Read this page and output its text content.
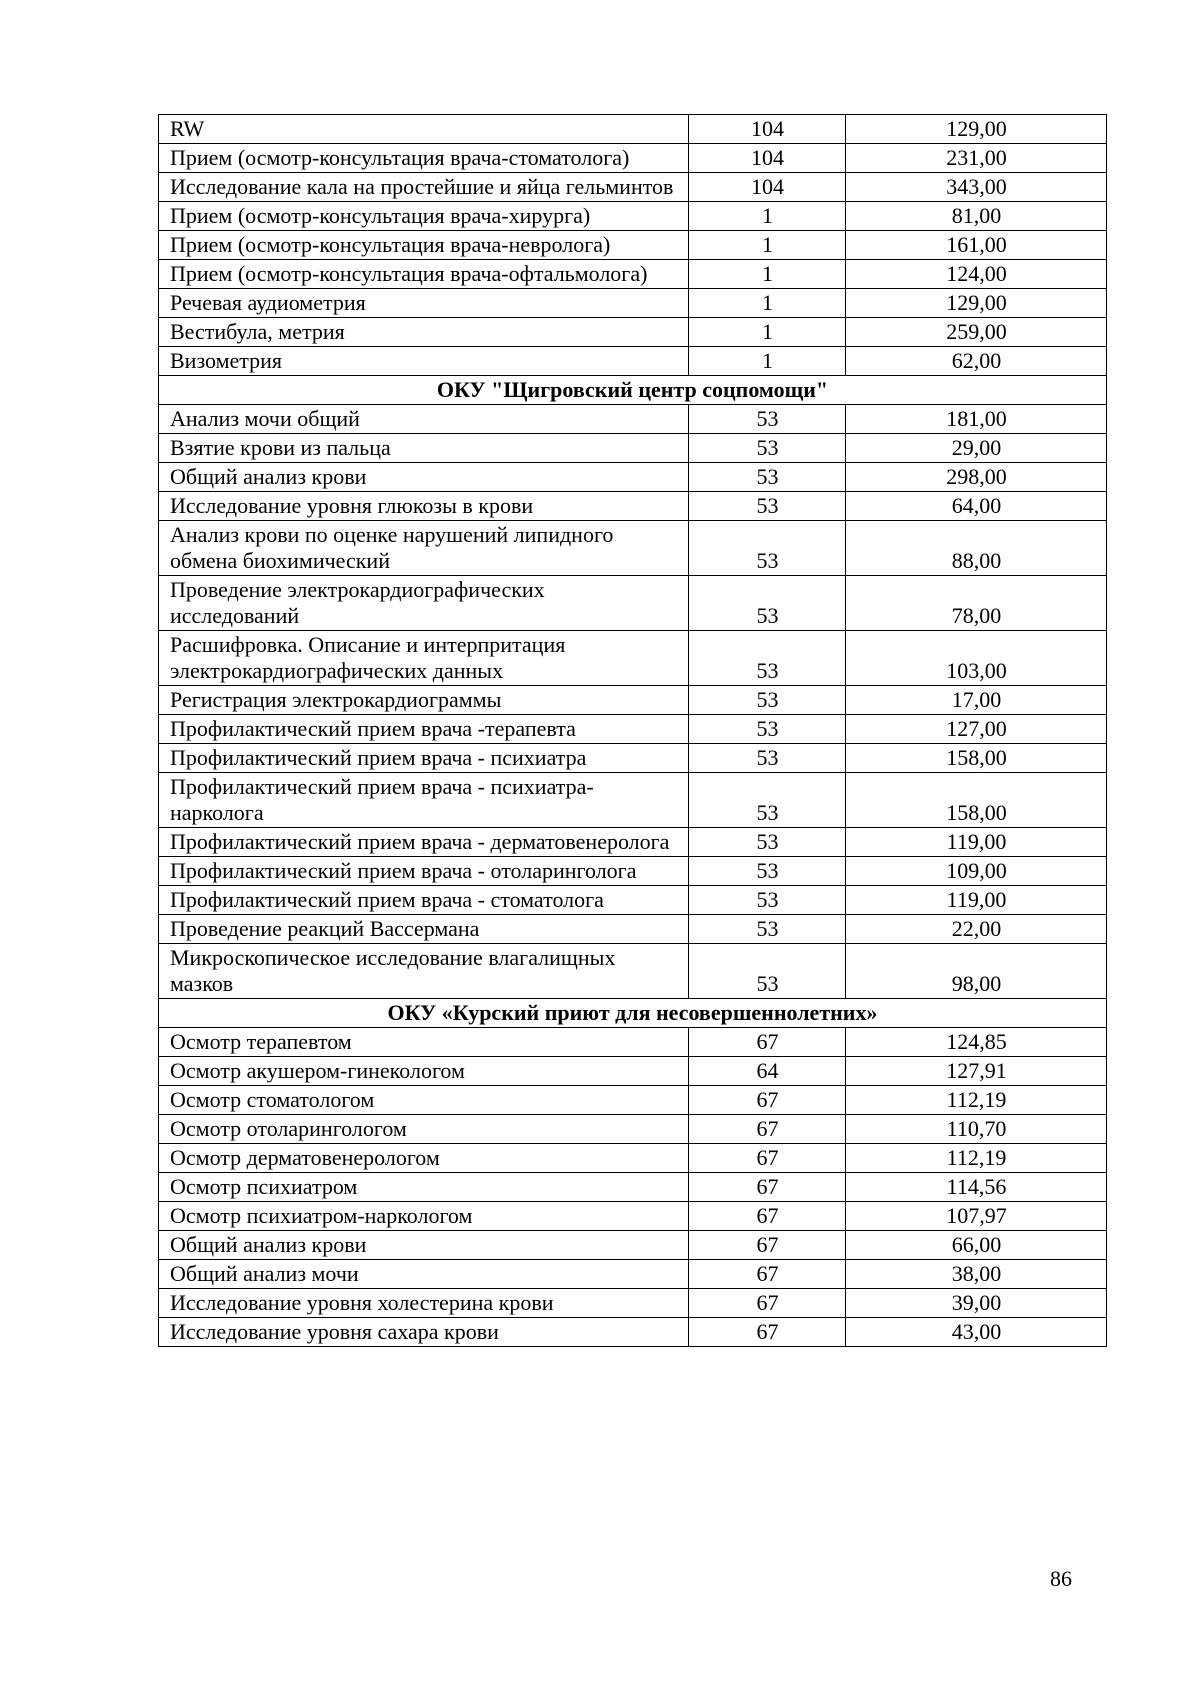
RW	104	129,00
Прием (осмотр-консультация врача-стоматолога)	104	231,00
Исследование кала на простейшие и яйца гельминтов	104	343,00
Прием (осмотр-консультация врача-хирурга)	1	81,00
Прием (осмотр-консультация врача-невролога)	1	161,00
Прием (осмотр-консультация врача-офтальмолога)	1	124,00
Речевая аудиометрия	1	129,00
Вестибула, метрия	1	259,00
Визометрия	1	62,00
ОКУ "Щигровский центр соцпомощи"		
Анализ мочи общий	53	181,00
Взятие крови из пальца	53	29,00
Общий анализ крови	53	298,00
Исследование уровня глюкозы в крови	53	64,00
Анализ крови по оценке нарушений липидного обмена биохимический	53	88,00
Проведение электрокардиографических исследований	53	78,00
Расшифровка. Описание и интерпритация электрокардиографических данных	53	103,00
Регистрация электрокардиограммы	53	17,00
Профилактический прием врача -терапевта	53	127,00
Профилактический прием врача - психиатра	53	158,00
Профилактический прием врача - психиатра-нарколога	53	158,00
Профилактический прием врача - дерматовенеролога	53	119,00
Профилактический прием врача - отоларинголога	53	109,00
Профилактический прием врача - стоматолога	53	119,00
Проведение реакций Вассермана	53	22,00
Микроскопическое исследование влагалищных мазков	53	98,00
ОКУ «Курский приют для несовершеннолетних»		
Осмотр терапевтом	67	124,85
Осмотр акушером-гинекологом	64	127,91
Осмотр стоматологом	67	112,19
Осмотр отоларингологом	67	110,70
Осмотр дерматовенерологом	67	112,19
Осмотр психиатром	67	114,56
Осмотр психиатром-наркологом	67	107,97
Общий анализ крови	67	66,00
Общий анализ мочи	67	38,00
Исследование уровня холестерина крови	67	39,00
Исследование уровня сахара крови	67	43,00
86
